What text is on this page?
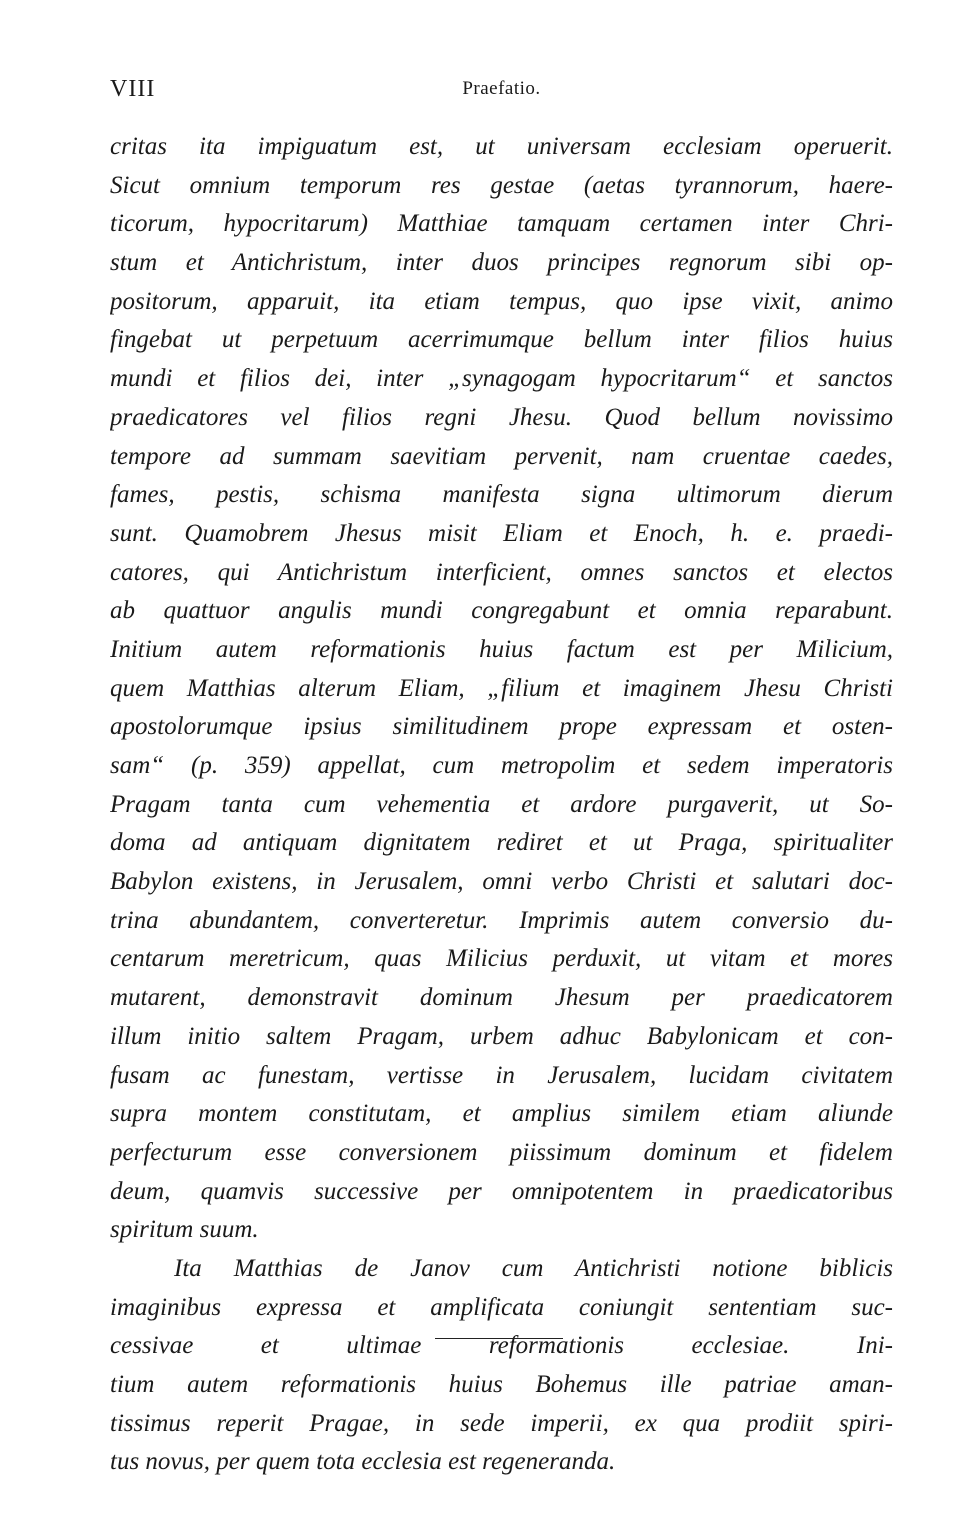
VIII	Praefatio.
critas ita impiguatum est, ut universam ecclesiam operuerit.
Sicut omnium temporum res gestae (aetas tyrannorum, haere-
ticorum, hypocritarum) Matthiae tamquam certamen inter Chri-
stum et Antichristum, inter duos principes regnorum sibi op-
positorum, apparuit, ita etiam tempus, quo ipse vixit, animo
fingebat ut perpetuum acerrimumque bellum inter filios huius
mundi et filios dei, inter „synagogam hypocritarum“ et sanctos
praedicatores vel filios regni Jhesu. Quod bellum novissimo
tempore ad summam saevitiam pervenit, nam cruentae caedes,
fames, pestis, schisma manifesta signa ultimorum dierum
sunt. Quamobrem Jhesus misit Eliam et Enoch, h. e. praedi-
catores, qui Antichristum interficient, omnes sanctos et electos
ab quattuor angulis mundi congregabunt et omnia reparabunt.
Initium autem reformationis huius factum est per Milicium,
quem Matthias alterum Eliam, „filium et imaginem Jhesu Christi
apostolorumque ipsius similitudinem prope expressam et osten-
sam“ (p. 359) appellat, cum metropolim et sedem imperatoris
Pragam tanta cum vehementia et ardore purgaverit, ut So-
doma ad antiquam dignitatem rediret et ut Praga, spiritualiter
Babylon existens, in Jerusalem, omni verbo Christi et salutari doc-
trina abundantem, converteretur. Imprimis autem conversio du-
centarum meretricum, quas Milicius perduxit, ut vitam et mores
mutarent, demonstravit dominum Jhesum per praedicatorem
illum initio saltem Pragam, urbem adhuc Babylonicam et con-
fusam ac funestam, vertisse in Jerusalem, lucidam civitatem
supra montem constitutam, et amplius similem etiam aliunde
perfecturum esse conversionem piissimum dominum et fidelem
deum, quamvis successive per omnipotentem in praedicatoribus
spiritum suum.
Ita Matthias de Janov cum Antichristi notione biblicis
imaginibus expressa et amplificata coniungit sententiam suc-
cessivae et ultimae reformationis ecclesiae. Ini-
tium autem reformationis huius Bohemus ille patriae aman-
tissimus reperit Pragae, in sede imperii, ex qua prodiit spiri-
tus novus, per quem tota ecclesia est regeneranda.
